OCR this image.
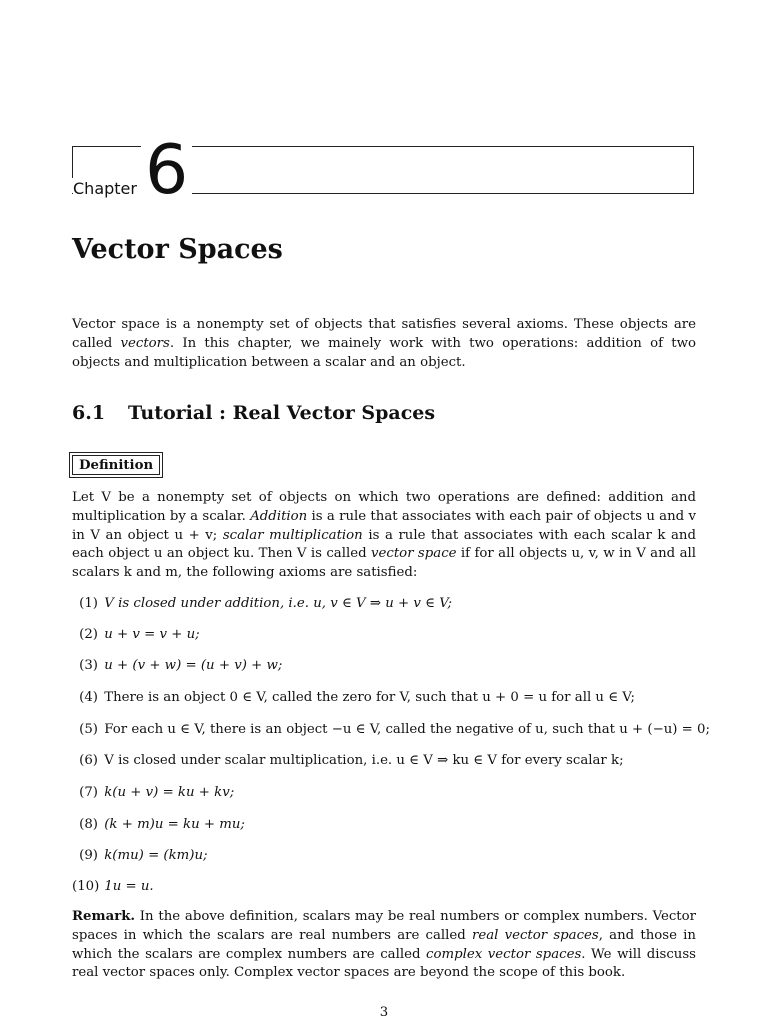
Chapter 6
Vector Spaces

Vector space is a nonempty set of objects that satisfies several axioms. These objects are called vectors. In this chapter, we mainely work with two operations: addition of two objects and multiplication between a scalar and an object.

6.1 Tutorial : Real Vector Spaces
Definition

Let V be a nonempty set of objects on which two operations are defined: addition and multiplication by a scalar. Addition is a rule that associates with each pair of objects u and v in V an object u + v; scalar multiplication is a rule that associates with each scalar k and each object u an object ku. Then V is called vector space if for all objects u, v, w in V and all scalars k and m, the following axioms are satisfied:

(1) V is closed under addition, i.e. u, v ∈ V ⇒ u + v ∈ V;
(2) u + v = v + u;
(3) u + (v + w) = (u + v) + w;
(4) There is an object 0 ∈ V, called the zero for V, such that u + 0 = u for all u ∈ V;
(5) For each u ∈ V, there is an object −u ∈ V, called the negative of u, such that u + (−u) = 0;
(6) V is closed under scalar multiplication, i.e. u ∈ V ⇒ ku ∈ V for every scalar k;
(7) k(u + v) = ku + kv;
(8) (k + m)u = ku + mu;
(9) k(mu) = (km)u;
(10) 1u = u.

Remark. In the above definition, scalars may be real numbers or complex numbers. Vector spaces in which the scalars are real numbers are called real vector spaces, and those in which the scalars are complex numbers are called complex vector spaces. We will discuss real vector spaces only. Complex vector spaces are beyond the scope of this book.

3
